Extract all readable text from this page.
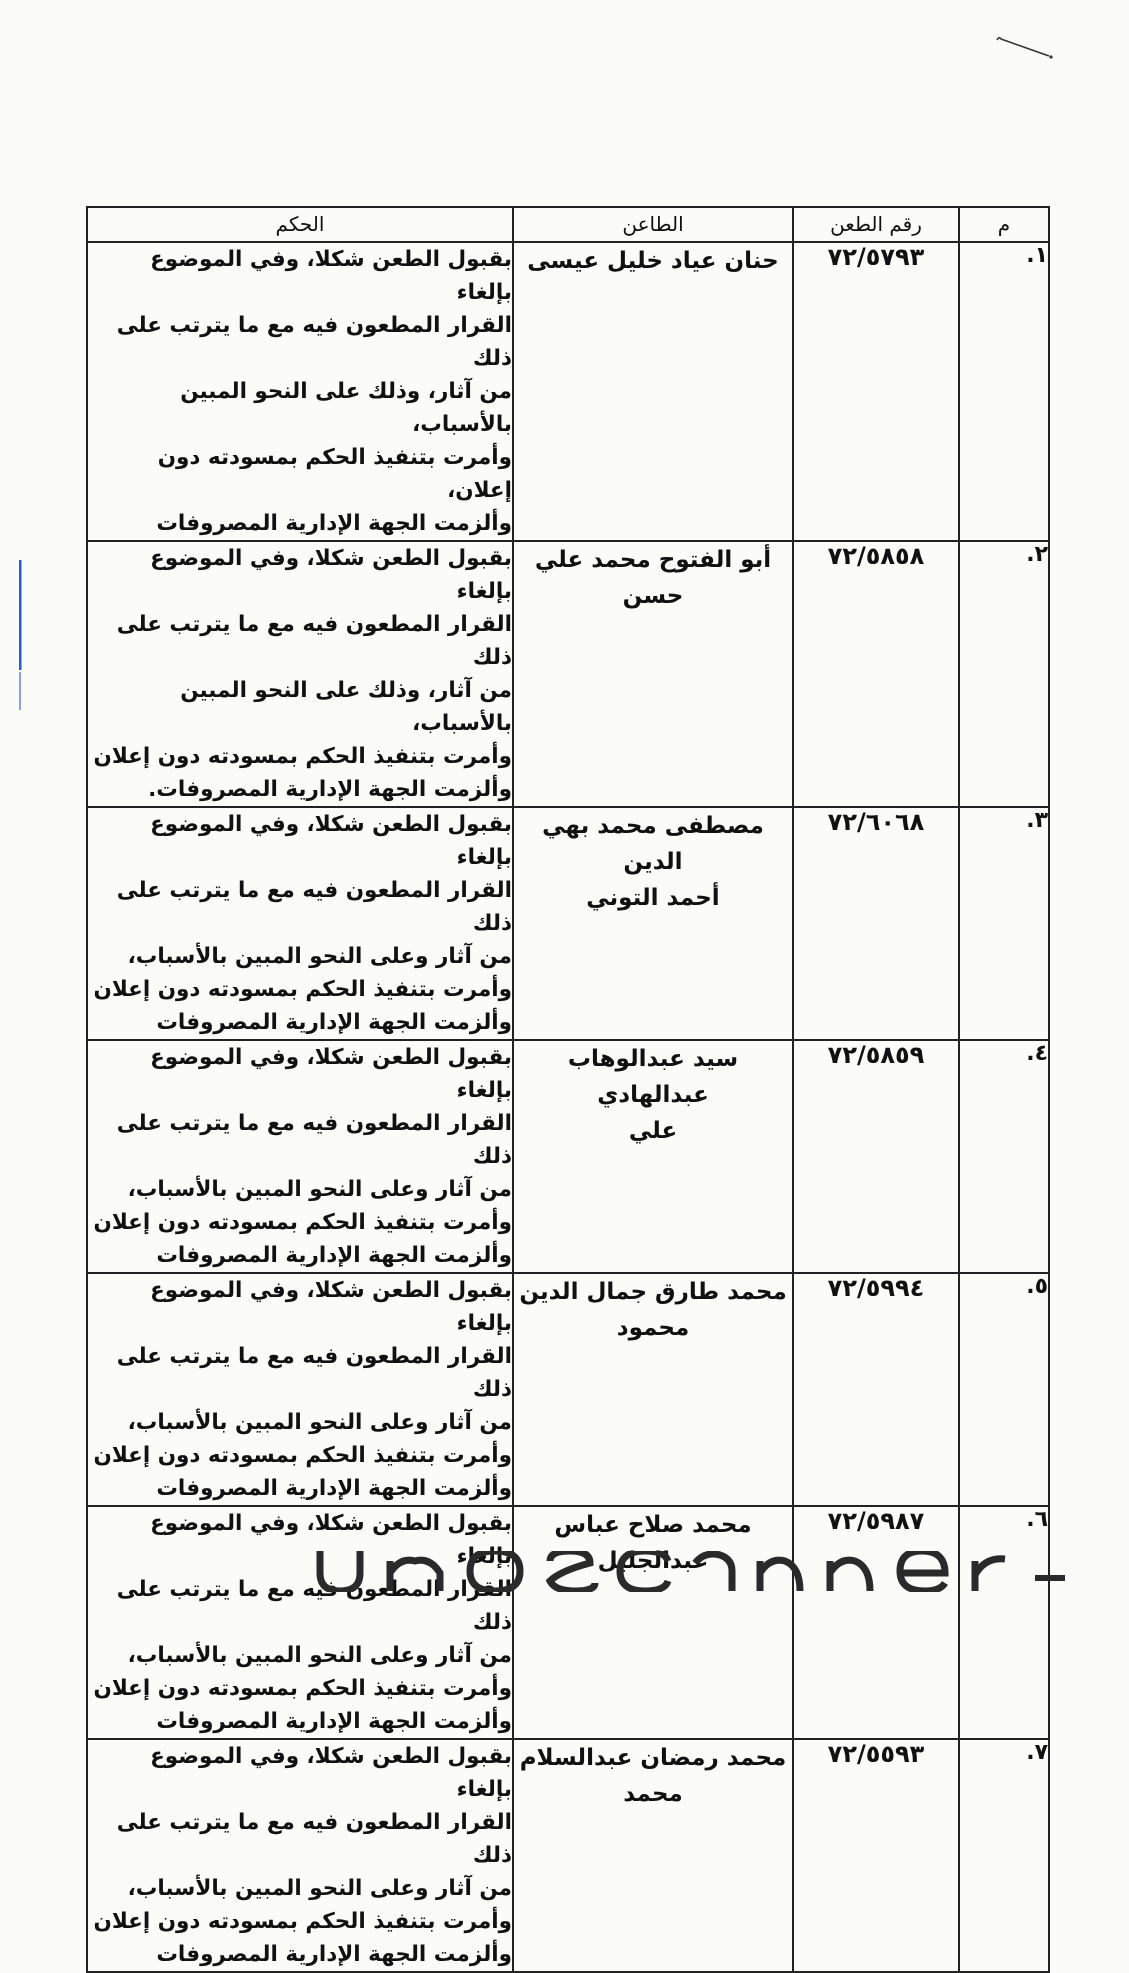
م	رقم الطعن	الطاعن	الحكم
١.	٧٢/٥٧٩٣	حنان عياد خليل عيسى	بقبول الطعن شكلا، وفي الموضوع بإلغاء
القرار المطعون فيه مع ما يترتب على ذلك
من آثار، وذلك على النحو المبين بالأسباب،
وأمرت بتنفيذ الحكم بمسودته دون إعلان،
وألزمت الجهة الإدارية المصروفات
٢.	٧٢/٥٨٥٨	أبو الفتوح محمد علي حسن	بقبول الطعن شكلا، وفي الموضوع بإلغاء
القرار المطعون فيه مع ما يترتب على ذلك
من آثار، وذلك على النحو المبين بالأسباب،
وأمرت بتنفيذ الحكم بمسودته دون إعلان
وألزمت الجهة الإدارية المصروفات.
٣.	٧٢/٦٠٦٨	مصطفى محمد بهي الدين
أحمد التوني	بقبول الطعن شكلا، وفي الموضوع بإلغاء
القرار المطعون فيه مع ما يترتب على ذلك
من آثار وعلى النحو المبين بالأسباب،
وأمرت بتنفيذ الحكم بمسودته دون إعلان
وألزمت الجهة الإدارية المصروفات
٤.	٧٢/٥٨٥٩	سيد عبدالوهاب عبدالهادي
علي	بقبول الطعن شكلا، وفي الموضوع بإلغاء
القرار المطعون فيه مع ما يترتب على ذلك
من آثار وعلى النحو المبين بالأسباب،
وأمرت بتنفيذ الحكم بمسودته دون إعلان
وألزمت الجهة الإدارية المصروفات
٥.	٧٢/٥٩٩٤	محمد طارق جمال الدين
محمود	بقبول الطعن شكلا، وفي الموضوع بإلغاء
القرار المطعون فيه مع ما يترتب على ذلك
من آثار وعلى النحو المبين بالأسباب،
وأمرت بتنفيذ الحكم بمسودته دون إعلان
وألزمت الجهة الإدارية المصروفات
٦.	٧٢/٥٩٨٧	محمد صلاح عباس
عبدالجليل	بقبول الطعن شكلا، وفي الموضوع بإلغاء
القرار المطعون فيه مع ما يترتب على ذلك
من آثار وعلى النحو المبين بالأسباب،
وأمرت بتنفيذ الحكم بمسودته دون إعلان
وألزمت الجهة الإدارية المصروفات
٧.	٧٢/٥٥٩٣	محمد رمضان عبدالسلام
محمد	بقبول الطعن شكلا، وفي الموضوع بإلغاء
القرار المطعون فيه مع ما يترتب على ذلك
من آثار وعلى النحو المبين بالأسباب،
وأمرت بتنفيذ الحكم بمسودته دون إعلان
وألزمت الجهة الإدارية المصروفات
